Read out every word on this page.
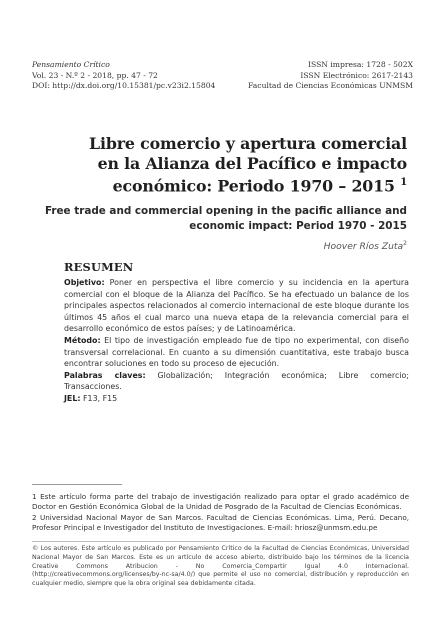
Pensamiento Crítico
Vol. 23 - N.º 2 - 2018, pp. 47 - 72
DOI: http://dx.doi.org/10.15381/pc.v23i2.15804
ISSN impresa: 1728 - 502X
ISSN Electrónico: 2617-2143
Facultad de Ciencias Económicas UNMSM
Libre comercio y apertura comercial
en la Alianza del Pacífico e impacto
económico: Periodo 1970 – 2015 $^1$
Free trade and commercial opening in the pacific alliance and
economic impact: Period 1970 - 2015
Hoover Ríos Zuta$^2$
RESUMEN

Objetivo: Poner en perspectiva el libre comercio y su incidencia en la apertura comercial con el bloque de la Alianza del Pacífico. Se ha efectuado un balance de los principales aspectos relacionados al comercio internacional de este bloque durante los últimos 45 años el cual marco una nueva etapa de la relevancia comercial para el desarrollo económico de estos países; y de Latinoamérica.

Método: El tipo de investigación empleado fue de tipo no experimental, con diseño transversal correlacional. En cuanto a su dimensión cuantitativa, este trabajo busca encontrar soluciones en todo su proceso de ejecución.

Palabras claves: Globalización; Integración económica; Libre comercio; Transacciones.

JEL: F13, F15

1 Este artículo forma parte del trabajo de investigación realizado para optar el grado académico de Doctor en Gestión Económica Global de la Unidad de Posgrado de la Facultad de Ciencias Económicas.

2 Universidad Nacional Mayor de San Marcos. Facultad de Ciencias Económicas. Lima, Perú. Decano, Profesor Principal e Investigador del Instituto de Investigaciones. E-mail: hriosz@unmsm.edu.pe

© Los autores. Este artículo es publicado por Pensamiento Crítico de la Facultad de Ciencias Económicas, Universidad Nacional Mayor de San Marcos. Este es un artículo de acceso abierto, distribuido bajo los términos de la licencia Creative Commons Atribucion - No Comercia_Compartir Igual 4.0 Internacional. (http://creativecommons.org/licenses/by-nc-sa/4.0/) que permite el uso no comercial, distribución y reproducción en cualquier medio, siempre que la obra original sea debidamente citada.
